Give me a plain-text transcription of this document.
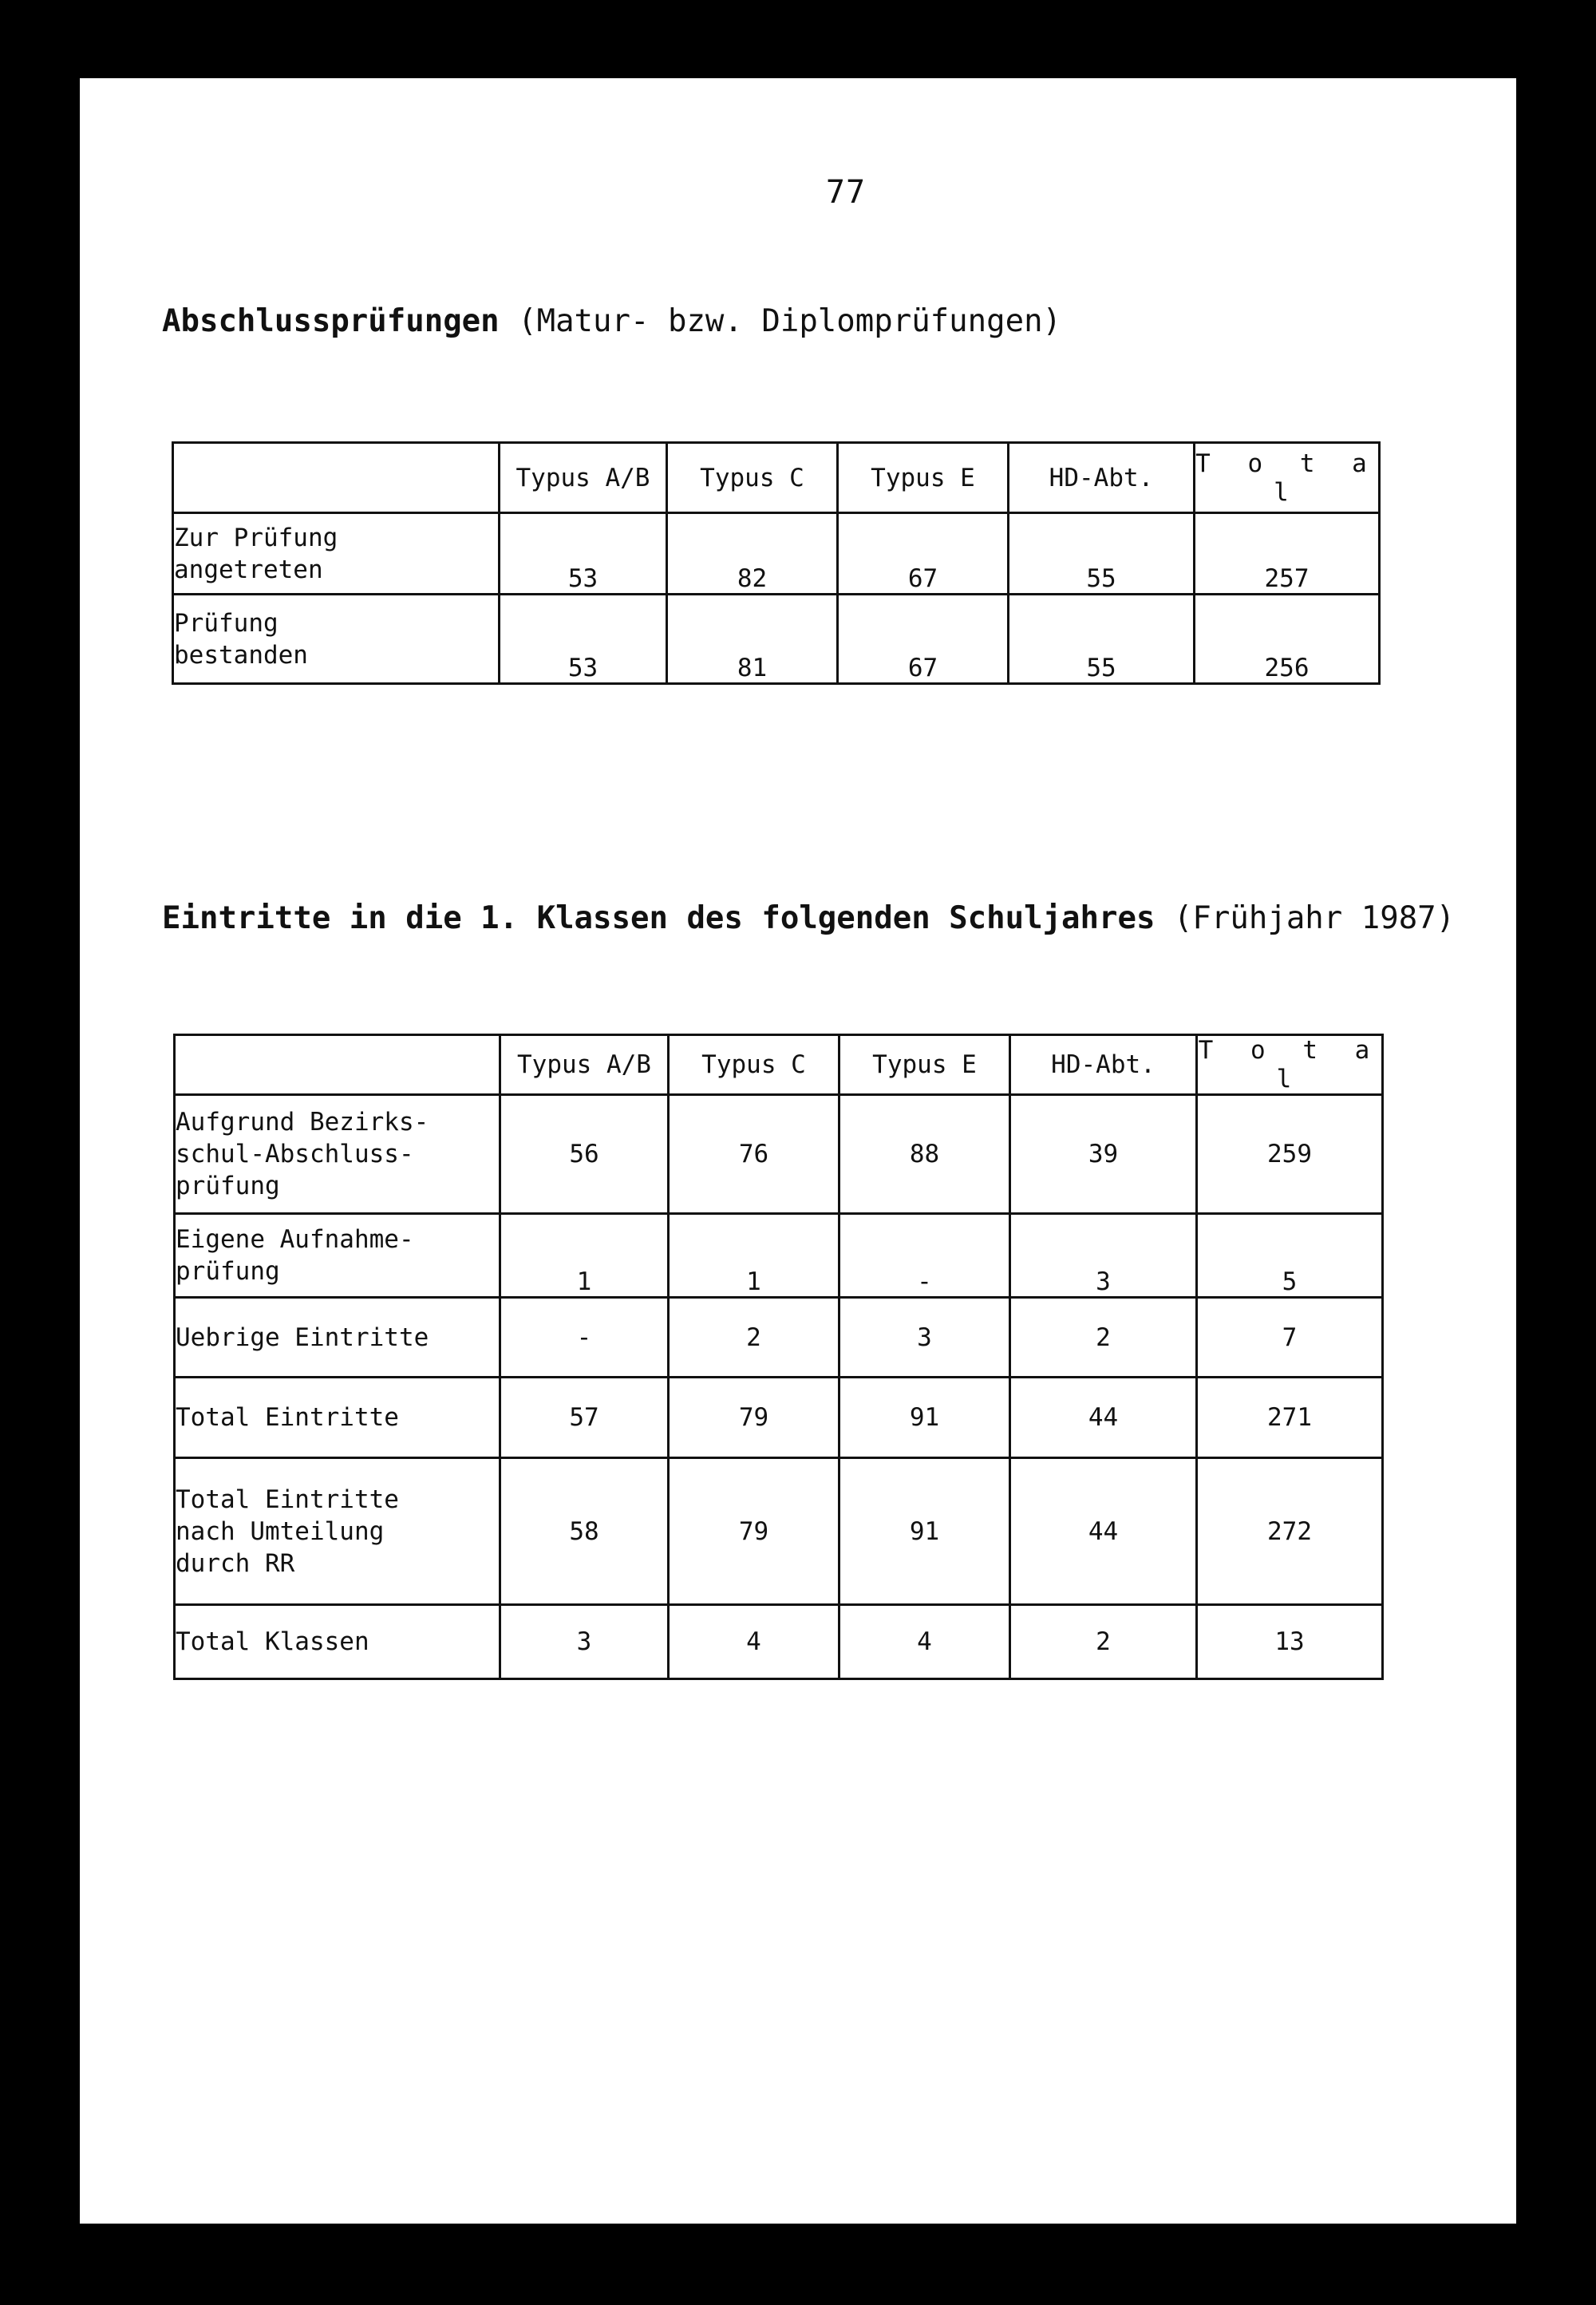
77
Abschlussprüfungen (Matur- bzw. Diplomprüfungen)
	Typus A/B	Typus C	Typus E	HD-Abt.	T o t a l
Zur Prüfung
angetreten	53	82	67	55	257
Prüfung
bestanden	53	81	67	55	256
Eintritte in die 1. Klassen des folgenden Schuljahres (Frühjahr 1987)
	Typus A/B	Typus C	Typus E	HD-Abt.	T o t a l
Aufgrund Bezirks-
schul-Abschluss-
prüfung	56	76	88	39	259
Eigene Aufnahme-
prüfung	1	1	-	3	5
Uebrige Eintritte	-	2	3	2	7
Total Eintritte	57	79	91	44	271
Total Eintritte
nach Umteilung
durch RR	58	79	91	44	272
Total Klassen	3	4	4	2	13
